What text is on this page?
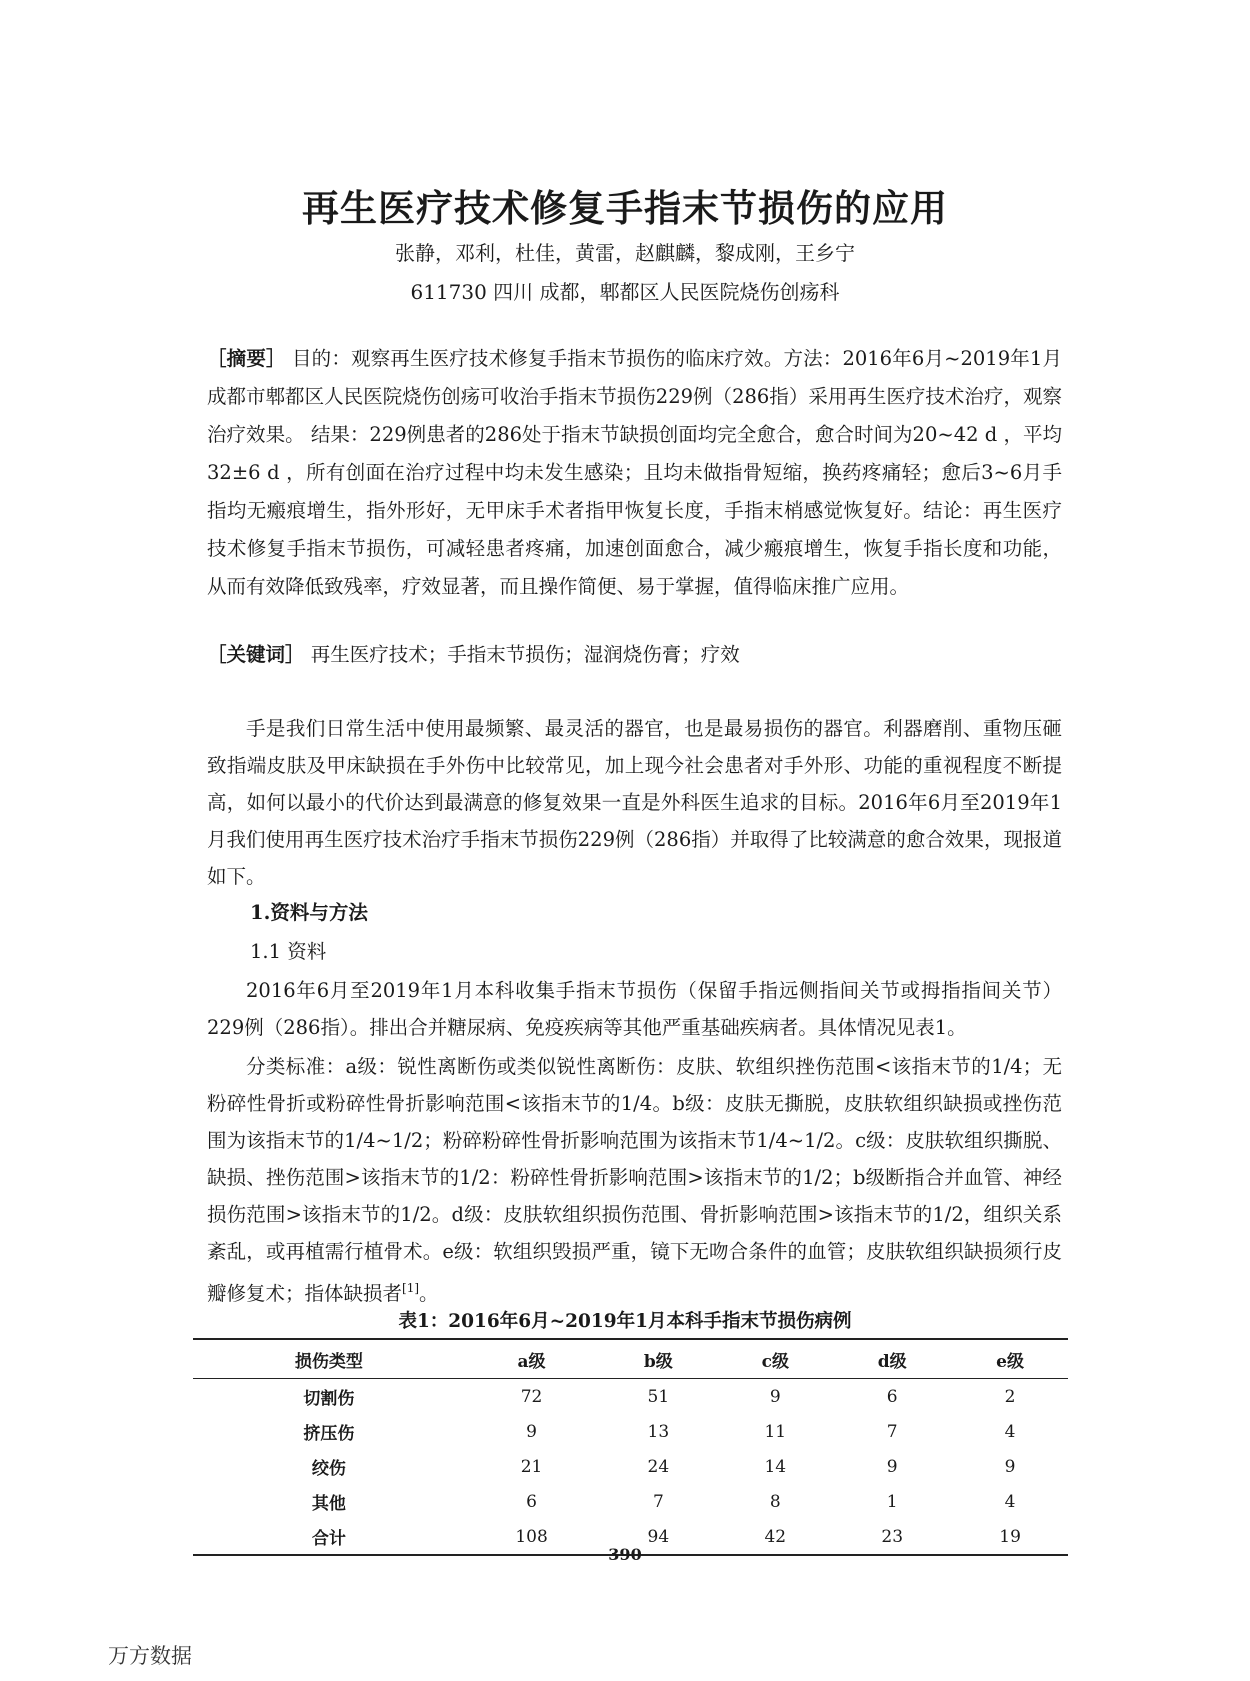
再生医疗技术修复手指末节损伤的应用
张静，邓利，杜佳，黄雷，赵麒麟，黎成刚，王乡宁
611730 四川 成都，郫都区人民医院烧伤创疡科
［摘要］ 目的：观察再生医疗技术修复手指末节损伤的临床疗效。方法：2016年6月~2019年1月成都市郫都区人民医院烧伤创疡可收治手指末节损伤229例（286指）采用再生医疗技术治疗，观察治疗效果。 结果：229例患者的286处于指末节缺损创面均完全愈合，愈合时间为20~42 d ，平均32±6 d ，所有创面在治疗过程中均未发生感染；且均未做指骨短缩，换药疼痛轻；愈后3~6月手指均无瘢痕增生，指外形好，无甲床手术者指甲恢复长度，手指末梢感觉恢复好。结论：再生医疗技术修复手指末节损伤，可减轻患者疼痛，加速创面愈合，减少瘢痕增生，恢复手指长度和功能，从而有效降低致残率，疗效显著，而且操作简便、易于掌握，值得临床推广应用。
［关键词］ 再生医疗技术；手指末节损伤；湿润烧伤膏；疗效
手是我们日常生活中使用最频繁、最灵活的器官，也是最易损伤的器官。利器磨削、重物压砸致指端皮肤及甲床缺损在手外伤中比较常见，加上现今社会患者对手外形、功能的重视程度不断提高，如何以最小的代价达到最满意的修复效果一直是外科医生追求的目标。2016年6月至2019年1月我们使用再生医疗技术治疗手指末节损伤229例（286指）并取得了比较满意的愈合效果，现报道如下。
1.资料与方法
1.1 资料
2016年6月至2019年1月本科收集手指末节损伤（保留手指远侧指间关节或拇指指间关节）229例（286指）。排出合并糖尿病、免疫疾病等其他严重基础疾病者。具体情况见表1。
分类标准：a级：锐性离断伤或类似锐性离断伤：皮肤、软组织挫伤范围<该指末节的1/4；无粉碎性骨折或粉碎性骨折影响范围<该指末节的1/4。b级：皮肤无撕脱，皮肤软组织缺损或挫伤范围为该指末节的1/4~1/2；粉碎粉碎性骨折影响范围为该指末节1/4~1/2。c级：皮肤软组织撕脱、缺损、挫伤范围>该指末节的1/2：粉碎性骨折影响范围>该指末节的1/2；b级断指合并血管、神经损伤范围>该指末节的1/2。d级：皮肤软组织损伤范围、骨折影响范围>该指末节的1/2，组织关系紊乱，或再植需行植骨术。e级：软组织毁损严重，镜下无吻合条件的血管；皮肤软组织缺损须行皮瓣修复术；指体缺损者[1]。
表1：2016年6月~2019年1月本科手指末节损伤病例
损伤类型	a级	b级	c级	d级	e级
切割伤	72	51	9	6	2
挤压伤	9	13	11	7	4
绞伤	21	24	14	9	9
其他	6	7	8	1	4
合计	108	94	42	23	19
390
万方数据
